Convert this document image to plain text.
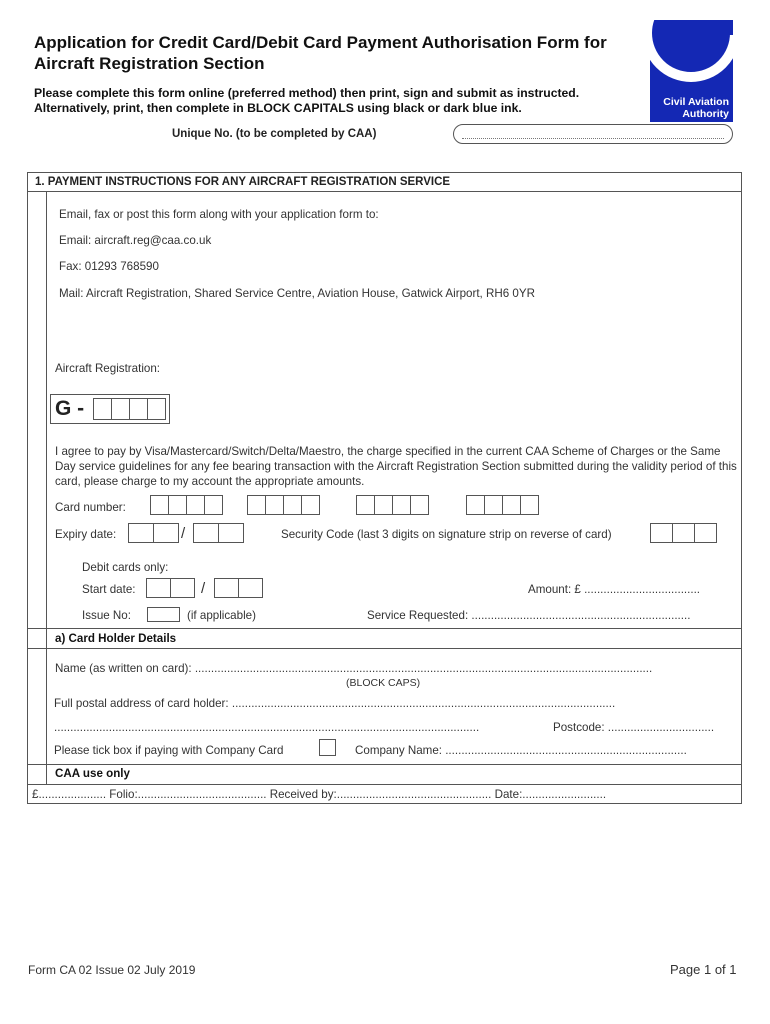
Application for Credit Card/Debit Card Payment Authorisation Form for Aircraft Registration Section
Please complete this form online (preferred method) then print, sign and submit as instructed.
Alternatively, print, then complete in BLOCK CAPITALS using black or dark blue ink.	Civil Aviation
Authority
Unique No. (to be completed by CAA)
1. PAYMENT INSTRUCTIONS FOR ANY AIRCRAFT REGISTRATION SERVICE
Email, fax or post this form along with your application form to:
Email: aircraft.reg@caa.co.uk
Fax: 01293 768590
Mail: Aircraft Registration, Shared Service Centre, Aviation House, Gatwick Airport, RH6 0YR
Aircraft Registration:
G -
I agree to pay by Visa/Mastercard/Switch/Delta/Maestro, the charge specified in the current CAA Scheme of Charges or the Same Day service guidelines for any fee bearing transaction with the Aircraft Registration Section submitted during the validity period of this card, please charge to my account the appropriate amounts.
Card number:
Expiry date:	/	Security Code (last 3 digits on signature strip on reverse of card)
Debit cards only:
Start date:	/	Amount: £ ....................................
Issue No:	(if applicable)	Service Requested: ....................................................................
a) Card Holder Details
Name (as written on card): ..............................................................................................................................................
(BLOCK CAPS)
Full postal address of card holder: .......................................................................................................................
....................................................................................................................................	Postcode: .................................
Please tick box if paying with Company Card	Company Name: ...........................................................................
CAA use only
£..................... Folio:........................................ Received by:................................................ Date:..........................
Form CA 02 Issue 02 July 2019	Page 1 of 1
